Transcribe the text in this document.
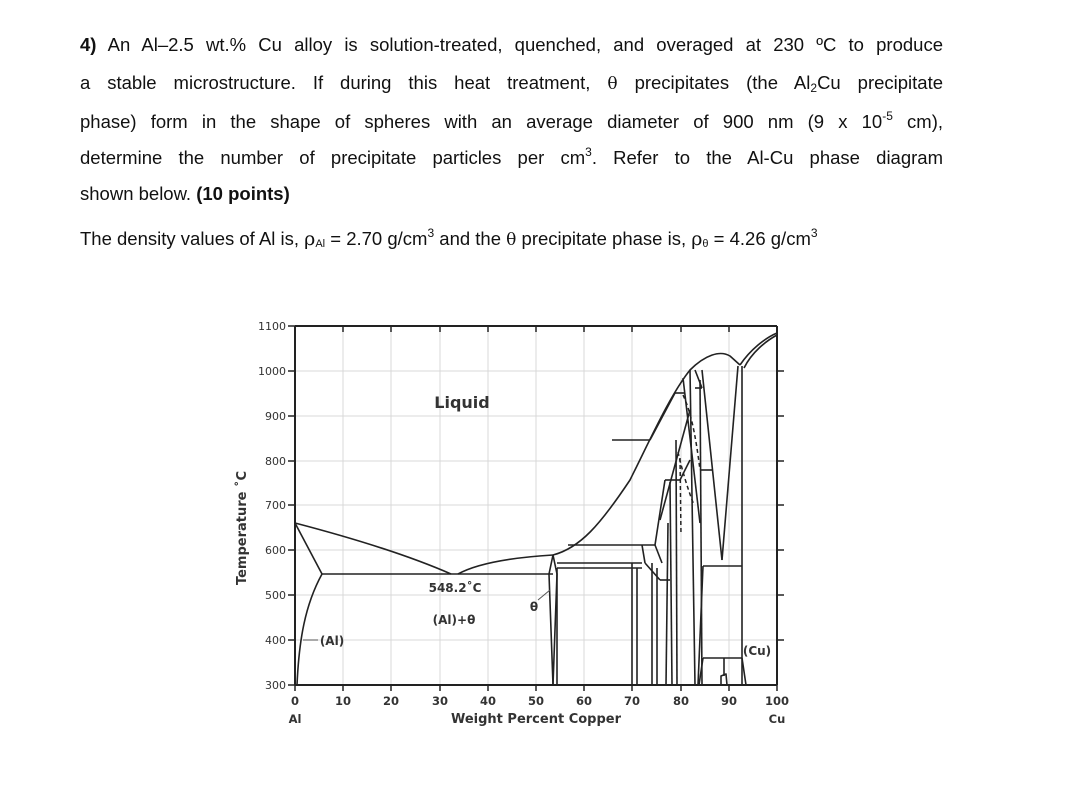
4) An Al–2.5 wt.% Cu alloy is solution-treated, quenched, and overaged at 230 ºC to produce
a stable microstructure. If during this heat treatment, θ precipitates (the $Al_2Cu$ precipitate
phase) form in the shape of spheres with an average diameter of 900 nm (9 x $10^{-5}$ cm),
determine the number of precipitate particles per $cm^3$. Refer to the Al-Cu phase diagram
shown below. (10 points)
The density values of Al is, ρAl = 2.70 $g/cm^3$ and the θ precipitate phase is, ρθ = 4.26 $g/cm^3$
1100
1000
900
800
700
600
500
400
300
0	10	20	30	40	50	60	70	80	90 100
Al	Cu
Weight Percent Copper
Temperature ˚C
Liquid
548.2˚C
(Al)+θ
θ
(Al)
(Cu)
